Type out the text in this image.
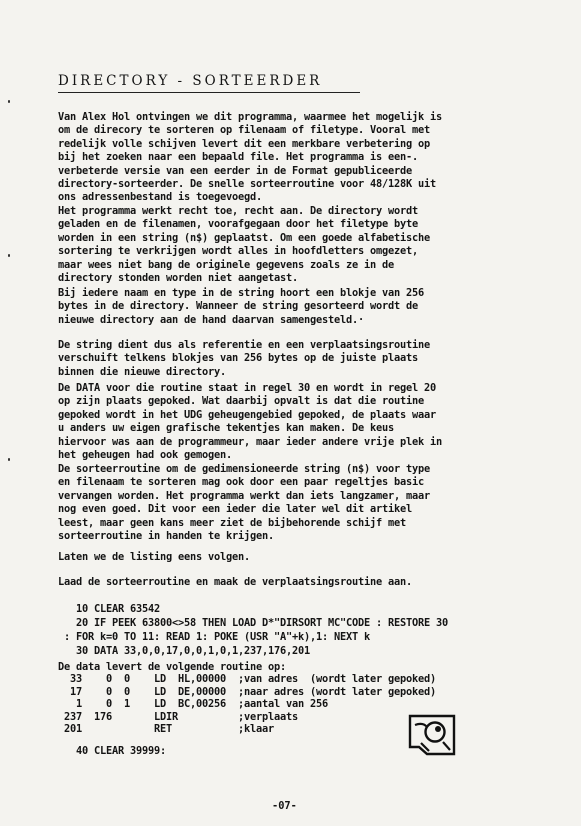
DIRECTORY - SORTEERDER
Van Alex Hol ontvingen we dit programma, waarmee het mogelijk is
om de direcory te sorteren op filenaam of filetype. Vooral met
redelijk volle schijven levert dit een merkbare verbetering op
bij het zoeken naar een bepaald file. Het programma is een-.
verbeterde versie van een eerder in de Format gepubliceerde
directory-sorteerder. De snelle sorteerroutine voor 48/128K uit
ons adressenbestand is toegevoegd.
Het programma werkt recht toe, recht aan. De directory wordt
geladen en de filenamen, voorafgegaan door het filetype byte
worden in een string (n$) geplaatst. Om een goede alfabetische
sortering te verkrijgen wordt alles in hoofdletters omgezet,
maar wees niet bang de originele gegevens zoals ze in de
directory stonden worden niet aangetast.
Bij iedere naam en type in de string hoort een blokje van 256
bytes in de directory. Wanneer de string gesorteerd wordt de
nieuwe directory aan de hand daarvan samengesteld.·
De string dient dus als referentie en een verplaatsingsroutine
verschuift telkens blokjes van 256 bytes op de juiste plaats
binnen die nieuwe directory.
De DATA voor die routine staat in regel 30 en wordt in regel 20
op zijn plaats gepoked. Wat daarbij opvalt is dat die routine
gepoked wordt in het UDG geheugengebied gepoked, de plaats waar
u anders uw eigen grafische tekentjes kan maken. De keus
hiervoor was aan de programmeur, maar ieder andere vrije plek in
het geheugen had ook gemogen.
De sorteerroutine om de gedimensioneerde string (n$) voor type
en filenaam te sorteren mag ook door een paar regeltjes basic
vervangen worden. Het programma werkt dan iets langzamer, maar
nog even goed. Dit voor een ieder die later wel dit artikel
leest, maar geen kans meer ziet de bijbehorende schijf met
sorteerroutine in handen te krijgen.
Laten we de listing eens volgen.
Laad de sorteerroutine en maak de verplaatsingsroutine aan.
10 CLEAR 63542
20 IF PEEK 63800<>58 THEN LOAD D*"DIRSORT MC"CODE : RESTORE 30
: FOR k=0 TO 11: READ 1: POKE (USR "A"+k),1: NEXT k
30 DATA 33,0,0,17,0,0,1,0,1,237,176,201
De data levert de volgende routine op:
33    0  0    LD  HL,00000  ;van adres  (wordt later gepoked)
17    0  0    LD  DE,00000  ;naar adres (wordt later gepoked)
1    0  1    LD  BC,00256  ;aantal van 256
237  176       LDIR          ;verplaats
201            RET           ;klaar
40 CLEAR 39999:
-07-
